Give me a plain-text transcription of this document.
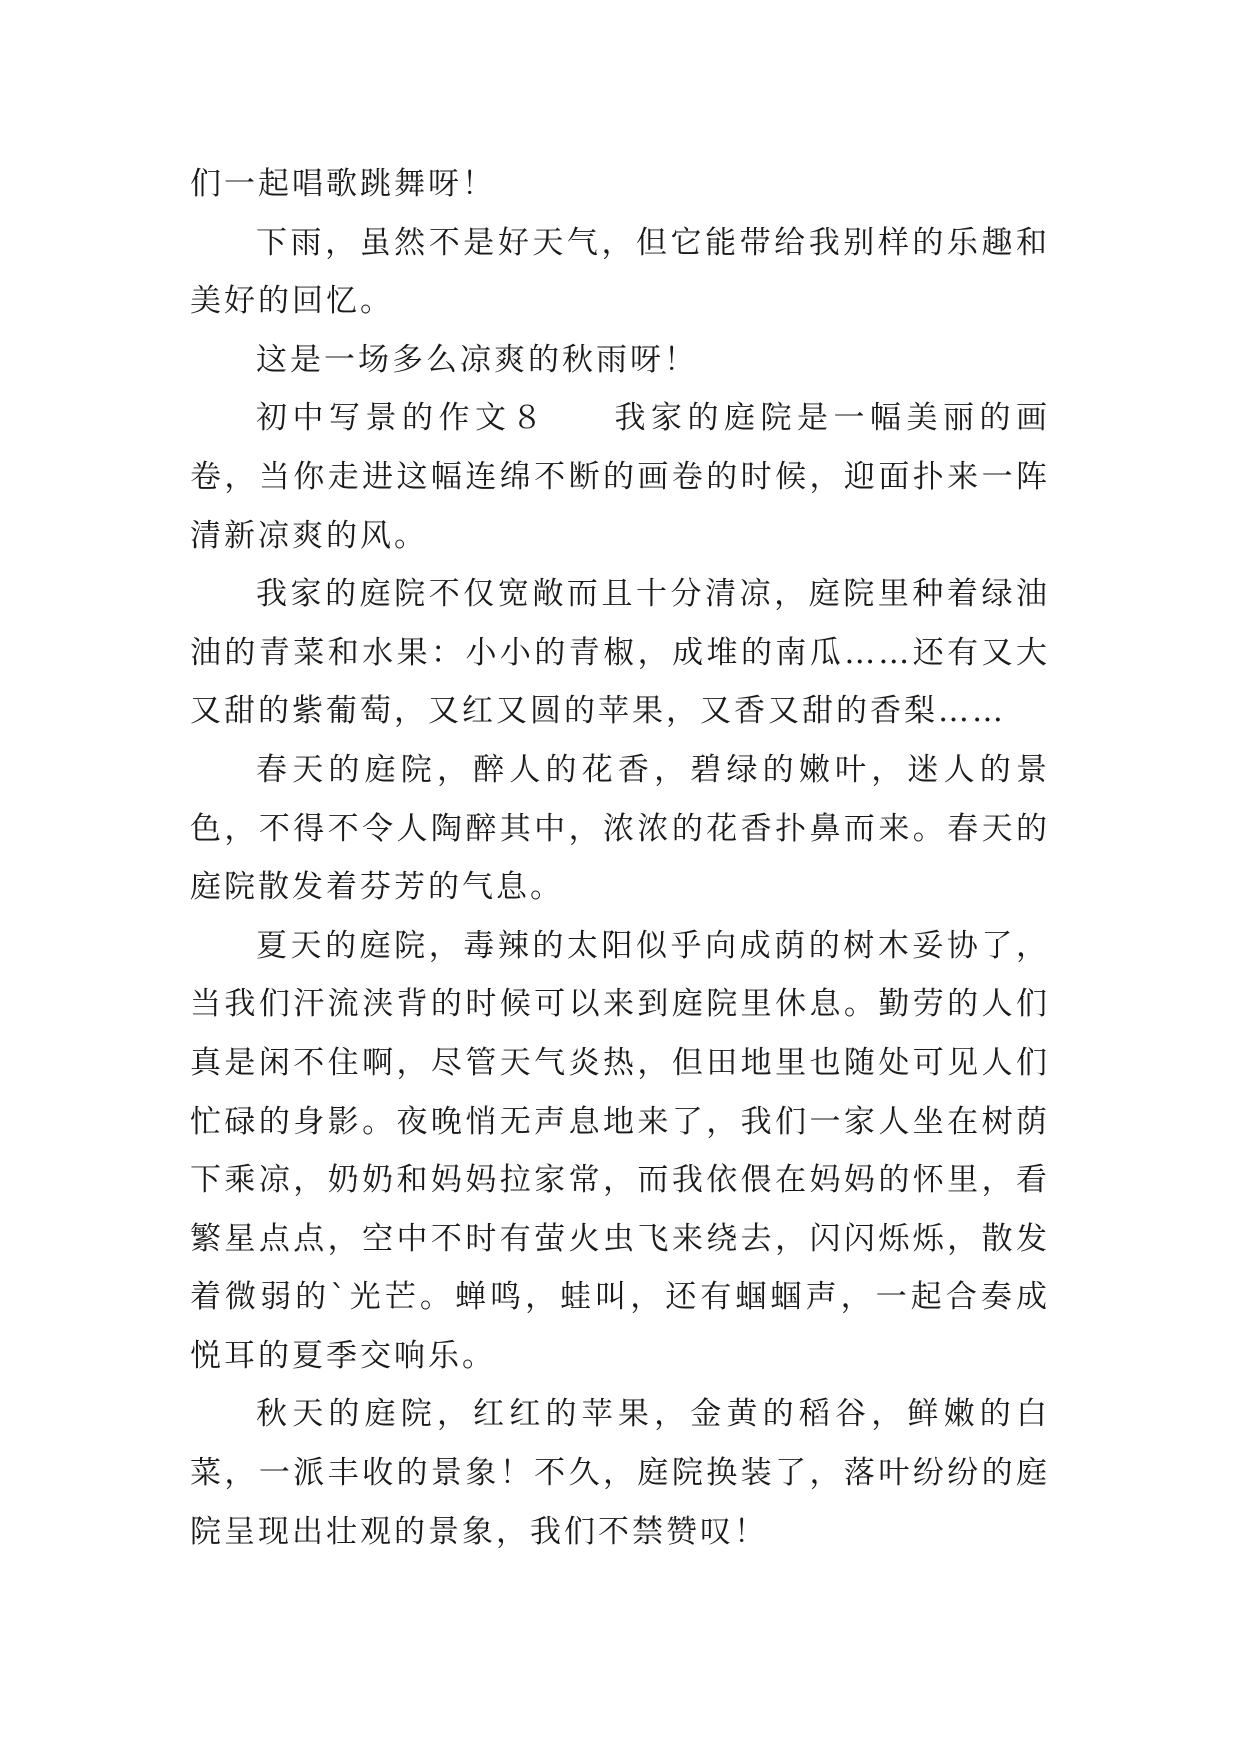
们一起唱歌跳舞呀！

下雨，虽然不是好天气，但它能带给我别样的乐趣和美好的回忆。

这是一场多么凉爽的秋雨呀！

初中写景的作文８ 我家的庭院是一幅美丽的画卷，当你走进这幅连绵不断的画卷的时候，迎面扑来一阵清新凉爽的风。

我家的庭院不仅宽敞而且十分清凉，庭院里种着绿油油的青菜和水果：小小的青椒，成堆的南瓜……还有又大又甜的紫葡萄，又红又圆的苹果，又香又甜的香梨……

春天的庭院，醉人的花香，碧绿的嫩叶，迷人的景色，不得不令人陶醉其中，浓浓的花香扑鼻而来。春天的庭院散发着芬芳的气息。

夏天的庭院，毒辣的太阳似乎向成荫的树木妥协了，当我们汗流浃背的时候可以来到庭院里休息。勤劳的人们真是闲不住啊，尽管天气炎热，但田地里也随处可见人们忙碌的身影。夜晚悄无声息地来了，我们一家人坐在树荫下乘凉，奶奶和妈妈拉家常，而我依偎在妈妈的怀里，看繁星点点，空中不时有萤火虫飞来绕去，闪闪烁烁，散发着微弱的`光芒。蝉鸣，蛙叫，还有蝈蝈声，一起合奏成悦耳的夏季交响乐。

秋天的庭院，红红的苹果，金黄的稻谷，鲜嫩的白菜，一派丰收的景象！不久，庭院换装了，落叶纷纷的庭院呈现出壮观的景象，我们不禁赞叹！
